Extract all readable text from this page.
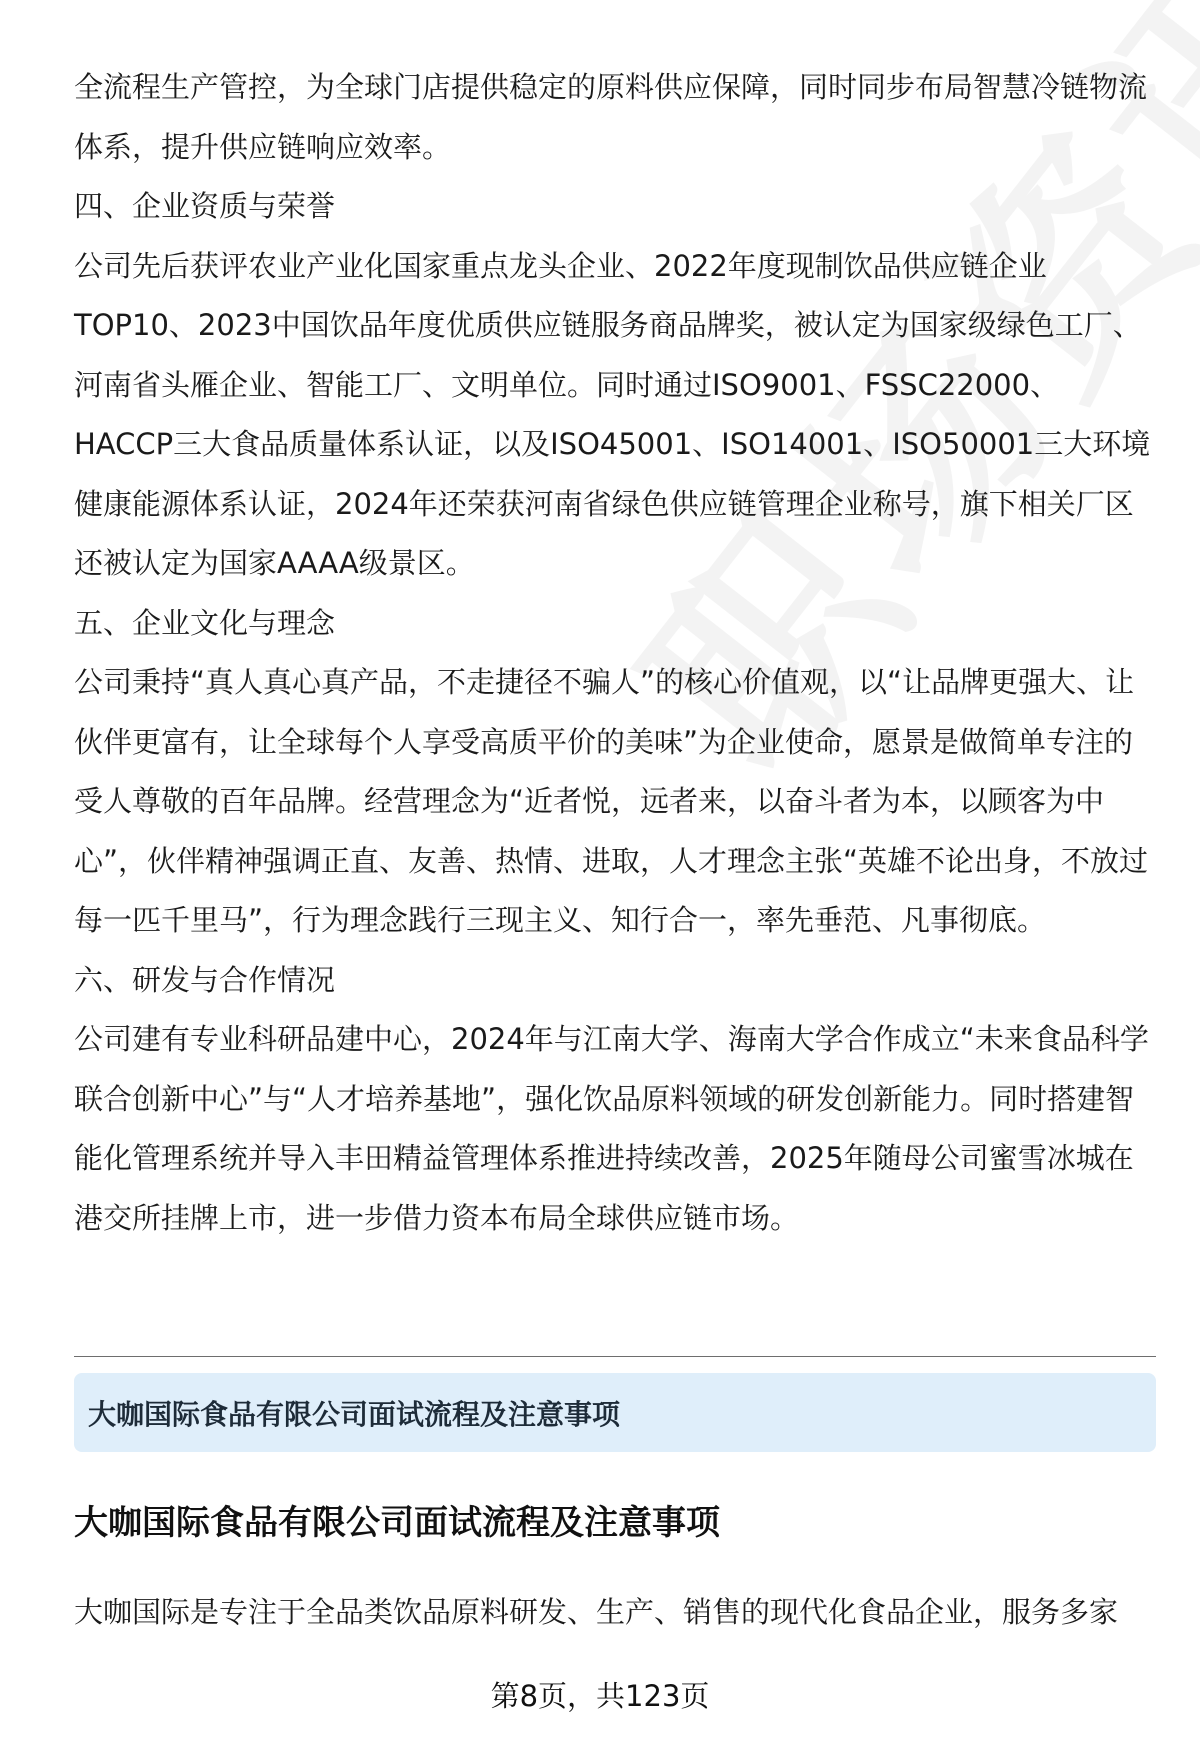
全流程生产管控，为全球门店提供稳定的原料供应保障，同时同步布局智慧冷链物流体系，提升供应链响应效率。

四、企业资质与荣誉

公司先后获评农业产业化国家重点龙头企业、2022年度现制饮品供应链企业TOP10、2023中国饮品年度优质供应链服务商品牌奖，被认定为国家级绿色工厂、河南省头雁企业、智能工厂、文明单位。同时通过ISO9001、FSSC22000、HACCP三大食品质量体系认证，以及ISO45001、ISO14001、ISO50001三大环境健康能源体系认证，2024年还荣获河南省绿色供应链管理企业称号，旗下相关厂区还被认定为国家AAAA级景区。

五、企业文化与理念

公司秉持“真人真心真产品，不走捷径不骗人”的核心价值观，以“让品牌更强大、让伙伴更富有，让全球每个人享受高质平价的美味”为企业使命，愿景是做简单专注的受人尊敬的百年品牌。经营理念为“近者悦，远者来，以奋斗者为本，以顾客为中心”，伙伴精神强调正直、友善、热情、进取，人才理念主张“英雄不论出身，不放过每一匹千里马”，行为理念践行三现主义、知行合一，率先垂范、凡事彻底。

六、研发与合作情况

公司建有专业科研品建中心，2024年与江南大学、海南大学合作成立“未来食品科学联合创新中心”与“人才培养基地”，强化饮品原料领域的研发创新能力。同时搭建智能化管理系统并导入丰田精益管理体系推进持续改善，2025年随母公司蜜雪冰城在港交所挂牌上市，进一步借力资本布局全球供应链市场。

大咖国际食品有限公司面试流程及注意事项
大咖国际食品有限公司面试流程及注意事项

大咖国际是专注于全品类饮品原料研发、生产、销售的现代化食品企业，服务多家

第8页，共123页
